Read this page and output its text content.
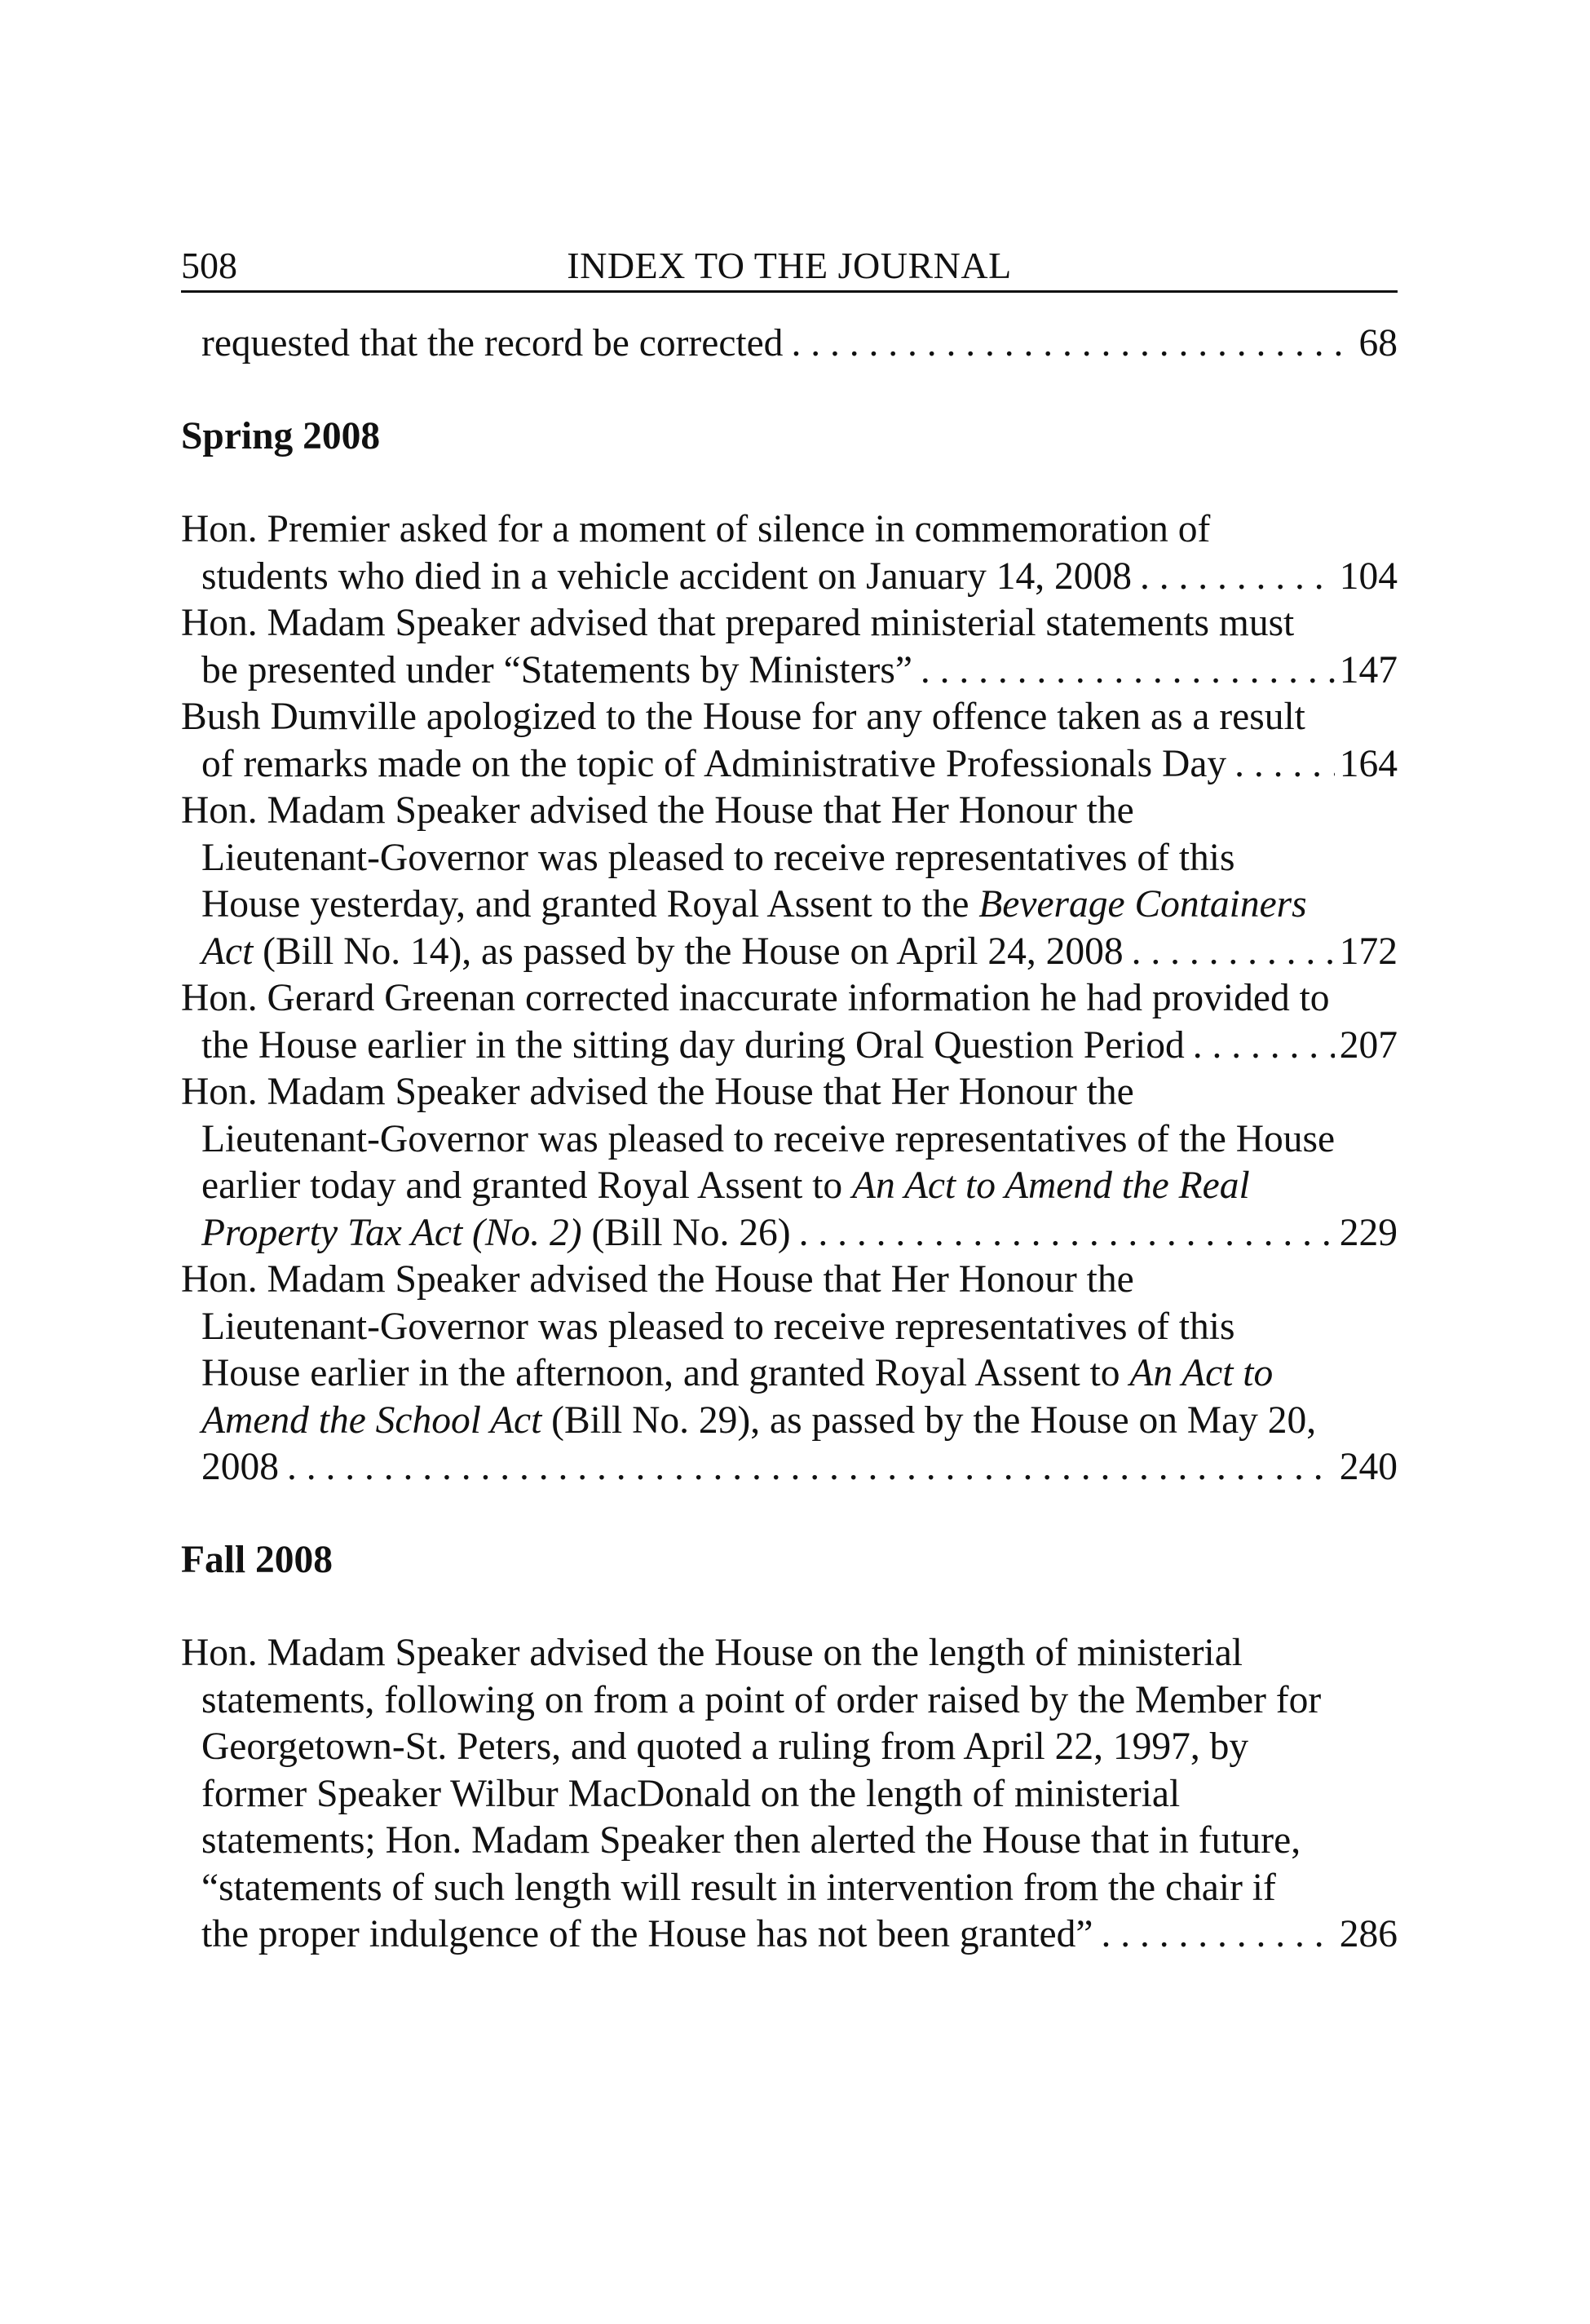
508	INDEX TO THE JOURNAL
requested that the record be corrected . . .	68
Spring 2008
Hon. Premier asked for a moment of silence in commemoration of
students who died in a vehicle accident on January 14, 2008 . . .	104
Hon. Madam Speaker advised that prepared ministerial statements must
be presented under “Statements by Ministers” . . .	147
Bush Dumville apologized to the House for any offence taken as a result
of remarks made on the topic of Administrative Professionals Day . . .	164
Hon. Madam Speaker advised the House that Her Honour the
Lieutenant-Governor was pleased to receive representatives of this
House yesterday, and granted Royal Assent to the Beverage Containers
Act (Bill No. 14), as passed by the House on April 24, 2008 . . .	172
Hon. Gerard Greenan corrected inaccurate information he had provided to
the House earlier in the sitting day during Oral Question Period . . .	207
Hon. Madam Speaker advised the House that Her Honour the
Lieutenant-Governor was pleased to receive representatives of the House
earlier today and granted Royal Assent to An Act to Amend the Real
Property Tax Act (No. 2) (Bill No. 26) . . .	229
Hon. Madam Speaker advised the House that Her Honour the
Lieutenant-Governor was pleased to receive representatives of this
House earlier in the afternoon, and granted Royal Assent to An Act to
Amend the School Act (Bill No. 29), as passed by the House on May 20,
2008 . . .	240
Fall 2008
Hon. Madam Speaker advised the House on the length of ministerial
statements, following on from a point of order raised by the Member for
Georgetown-St. Peters, and quoted a ruling from April 22, 1997, by
former Speaker Wilbur MacDonald on the length of ministerial
statements; Hon. Madam Speaker then alerted the House that in future,
“statements of such length will result in intervention from the chair if
the proper indulgence of the House has not been granted” . . .	286
